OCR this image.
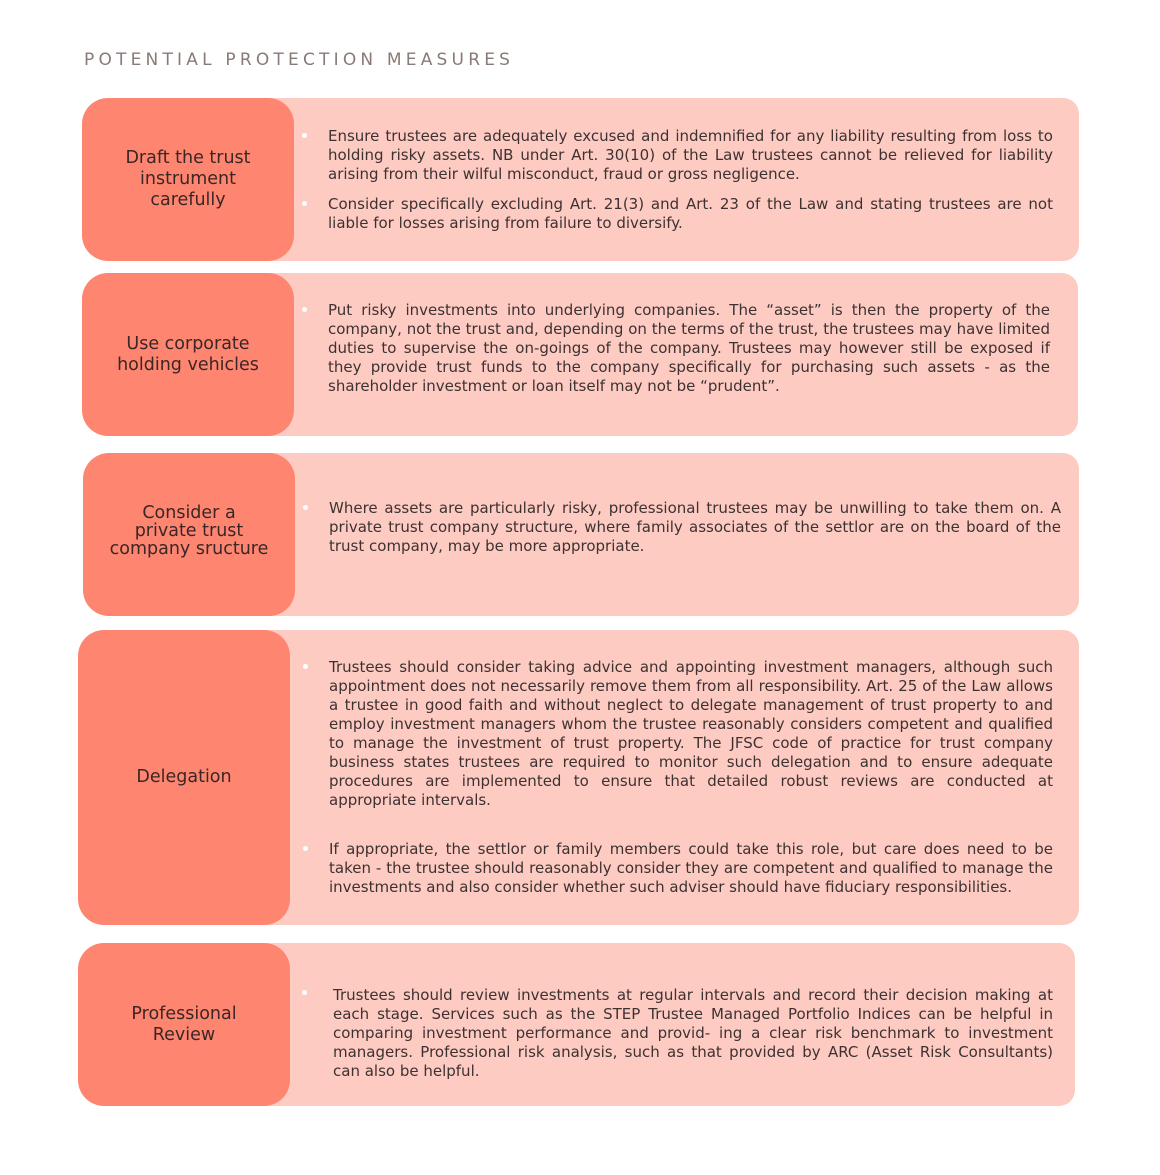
POTENTIAL PROTECTION MEASURES
Draft the trust
instrument
carefully
Ensure trustees are adequately excused and indemnified for any liability resulting from loss to holding risky assets. NB under Art. 30(10) of the Law trustees cannot be relieved for liability arising from their wilful misconduct, fraud or gross negligence.
Consider specifically excluding Art. 21(3) and Art. 23 of the Law and stating trustees are not liable for losses arising from failure to diversify.
Use corporate
holding vehicles
Put risky investments into underlying companies. The “asset” is then the property of the company, not the trust and, depending on the terms of the trust, the trustees may have limited duties to supervise the on-goings of the company. Trustees may however still be exposed if they provide trust funds to the company specifically for purchasing such assets - as the shareholder investment or loan itself may not be “prudent”.
Consider a
private trust
company sructure
Where assets are particularly risky, professional trustees may be unwilling to take them on. A private trust company structure, where family associates of the settlor are on the board of the trust company, may be more appropriate.
Delegation
Trustees should consider taking advice and appointing investment managers, although such appointment does not necessarily remove them from all responsibility. Art. 25 of the Law allows a trustee in good faith and without neglect to delegate management of trust property to and employ investment managers whom the trustee reasonably considers competent and qualified to manage the investment of trust property. The JFSC code of practice for trust company business states trustees are required to monitor such delegation and to ensure adequate procedures are implemented to ensure that detailed robust reviews are conducted at appropriate intervals.
If appropriate, the settlor or family members could take this role, but care does need to be taken - the trustee should reasonably consider they are competent and qualified to manage the investments and also consider whether such adviser should have fiduciary responsibilities.
Professional
Review
Trustees should review investments at regular intervals and record their decision making at each stage. Services such as the STEP Trustee Managed Portfolio Indices can be helpful in comparing investment performance and provid- ing a clear risk benchmark to investment managers. Professional risk analysis, such as that provided by ARC (Asset Risk Consultants) can also be helpful.
